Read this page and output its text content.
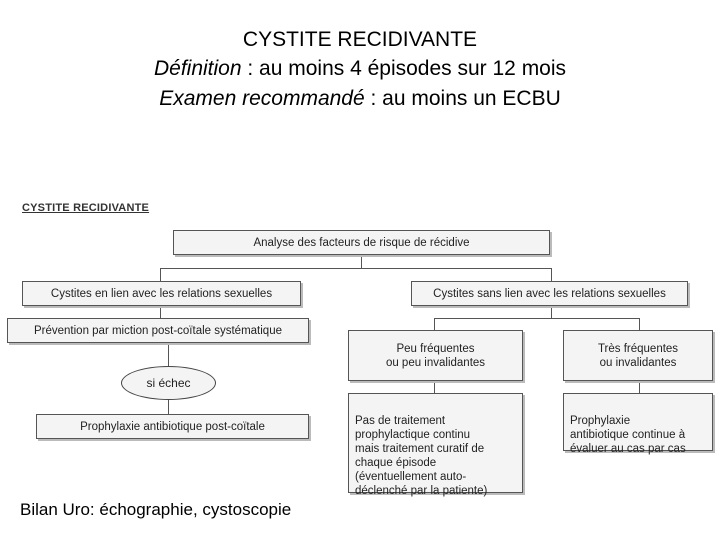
CYSTITE RECIDIVANTE
Définition : au moins 4 épisodes sur 12 mois
Examen recommandé : au moins un ECBU
CYSTITE RECIDIVANTE
Analyse des facteurs de risque de récidive
Cystites en lien avec les relations sexuelles
Prévention par miction post-coïtale systématique
si échec
Prophylaxie antibiotique post-coïtale
Cystites sans lien avec les relations sexuelles
Peu fréquentes
ou peu invalidantes
Très fréquentes
ou invalidantes

Pas de traitement
prophylactique continu
mais traitement curatif de
chaque épisode
(éventuellement auto-
déclenché par la patiente)

Prophylaxie
antibiotique continue à
évaluer au cas par cas

Bilan Uro: échographie, cystoscopie
